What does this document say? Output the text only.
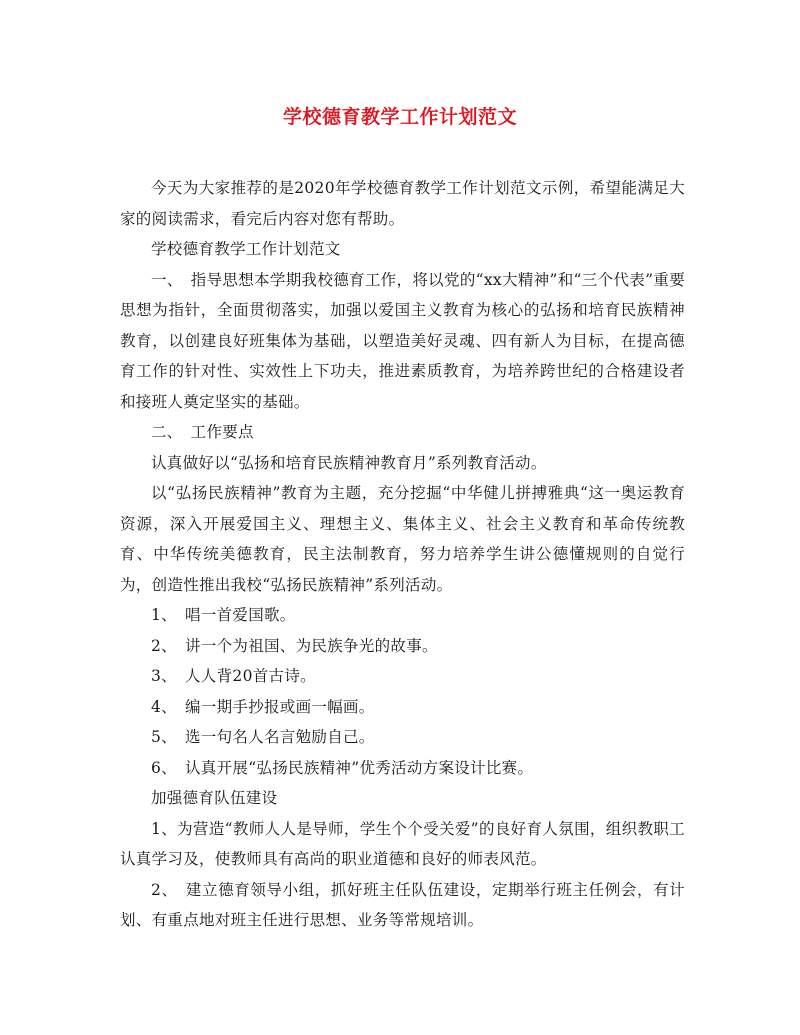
学校德育教学工作计划范文

今天为大家推荐的是2020年学校德育教学工作计划范文示例，希望能满足大家的阅读需求，看完后内容对您有帮助。

学校德育教学工作计划范文

一、　指导思想本学期我校德育工作，将以党的“xx大精神”和“三个代表”重要思想为指针，全面贯彻落实，加强以爱国主义教育为核心的弘扬和培育民族精神教育，以创建良好班集体为基础，以塑造美好灵魂、四有新人为目标，在提高德育工作的针对性、实效性上下功夫，推进素质教育，为培养跨世纪的合格建设者和接班人奠定坚实的基础。

二、　工作要点

认真做好以“弘扬和培育民族精神教育月”系列教育活动。

以“弘扬民族精神”教育为主题，充分挖掘“中华健儿拼搏雅典“这一奥运教育资源，深入开展爱国主义、理想主义、集体主义、社会主义教育和革命传统教育、中华传统美德教育，民主法制教育，努力培养学生讲公德懂规则的自觉行为，创造性推出我校“弘扬民族精神”系列活动。

1、　唱一首爱国歌。

2、　讲一个为祖国、为民族争光的故事。

3、　人人背20首古诗。

4、　编一期手抄报或画一幅画。

5、　选一句名人名言勉励自己。

6、　认真开展“弘扬民族精神”优秀活动方案设计比赛。

加强德育队伍建设

1、为营造“教师人人是导师，学生个个受关爱”的良好育人氛围，组织教职工认真学习及，使教师具有高尚的职业道德和良好的师表风范。

2、　建立德育领导小组，抓好班主任队伍建设，定期举行班主任例会，有计划、有重点地对班主任进行思想、业务等常规培训。
